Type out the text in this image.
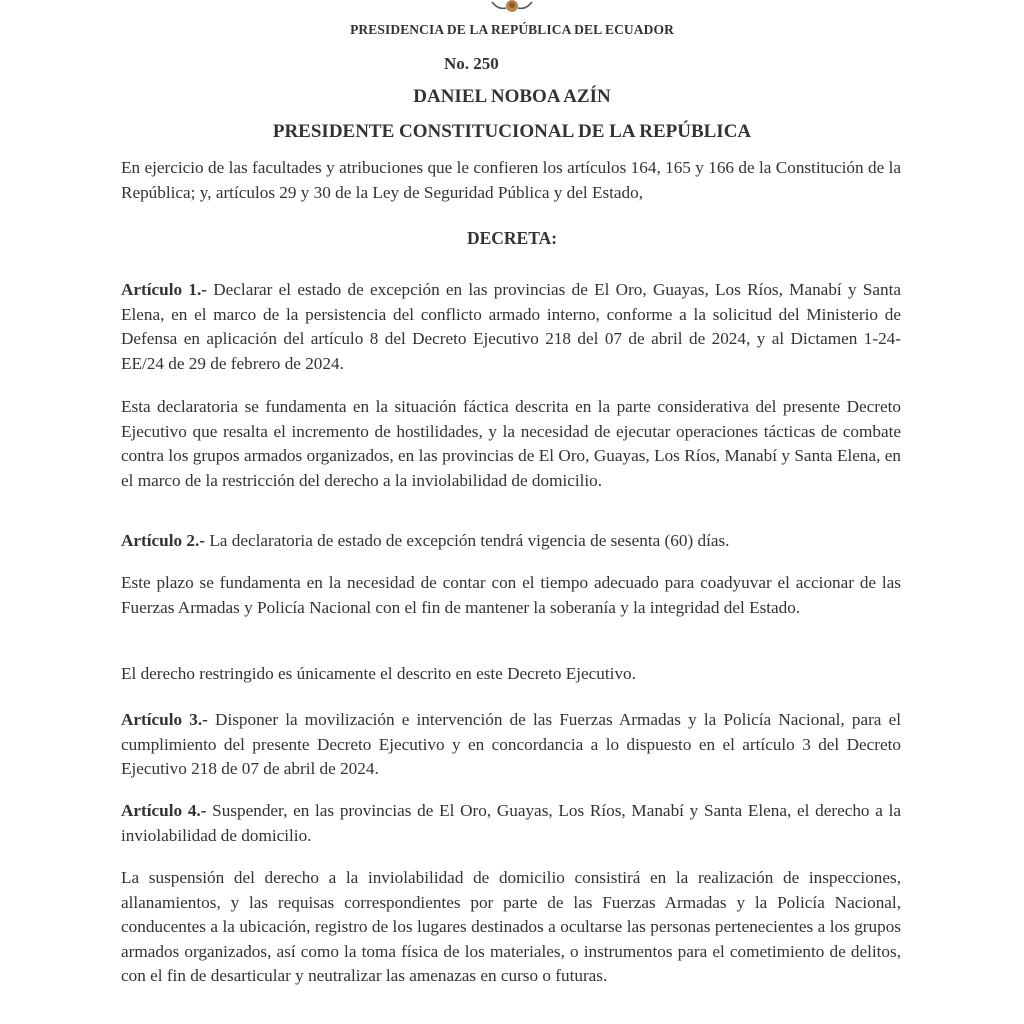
PRESIDENCIA DE LA REPÚBLICA DEL ECUADOR
No. 250
DANIEL NOBOA AZÍN
PRESIDENTE CONSTITUCIONAL DE LA REPÚBLICA

En ejercicio de las facultades y atribuciones que le confieren los artículos 164, 165 y 166 de la Constitución de la República; y, artículos 29 y 30 de la Ley de Seguridad Pública y del Estado,

DECRETA:

Artículo 1.- Declarar el estado de excepción en las provincias de El Oro, Guayas, Los Ríos, Manabí y Santa Elena, en el marco de la persistencia del conflicto armado interno, conforme a la solicitud del Ministerio de Defensa en aplicación del artículo 8 del Decreto Ejecutivo 218 del 07 de abril de 2024, y al Dictamen 1-24-EE/24 de 29 de febrero de 2024.

Esta declaratoria se fundamenta en la situación fáctica descrita en la parte considerativa del presente Decreto Ejecutivo que resalta el incremento de hostilidades, y la necesidad de ejecutar operaciones tácticas de combate contra los grupos armados organizados, en las provincias de El Oro, Guayas, Los Ríos, Manabí y Santa Elena, en el marco de la restricción del derecho a la inviolabilidad de domicilio.

Artículo 2.- La declaratoria de estado de excepción tendrá vigencia de sesenta (60) días.

Este plazo se fundamenta en la necesidad de contar con el tiempo adecuado para coadyuvar el accionar de las Fuerzas Armadas y Policía Nacional con el fin de mantener la soberanía y la integridad del Estado.

El derecho restringido es únicamente el descrito en este Decreto Ejecutivo.

Artículo 3.- Disponer la movilización e intervención de las Fuerzas Armadas y la Policía Nacional, para el cumplimiento del presente Decreto Ejecutivo y en concordancia a lo dispuesto en el artículo 3 del Decreto Ejecutivo 218 de 07 de abril de 2024.

Artículo 4.- Suspender, en las provincias de El Oro, Guayas, Los Ríos, Manabí y Santa Elena, el derecho a la inviolabilidad de domicilio.

La suspensión del derecho a la inviolabilidad de domicilio consistirá en la realización de inspecciones, allanamientos, y las requisas correspondientes por parte de las Fuerzas Armadas y la Policía Nacional, conducentes a la ubicación, registro de los lugares destinados a ocultarse las personas pertenecientes a los grupos armados organizados, así como la toma física de los materiales, o instrumentos para el cometimiento de delitos, con el fin de desarticular y neutralizar las amenazas en curso o futuras.
